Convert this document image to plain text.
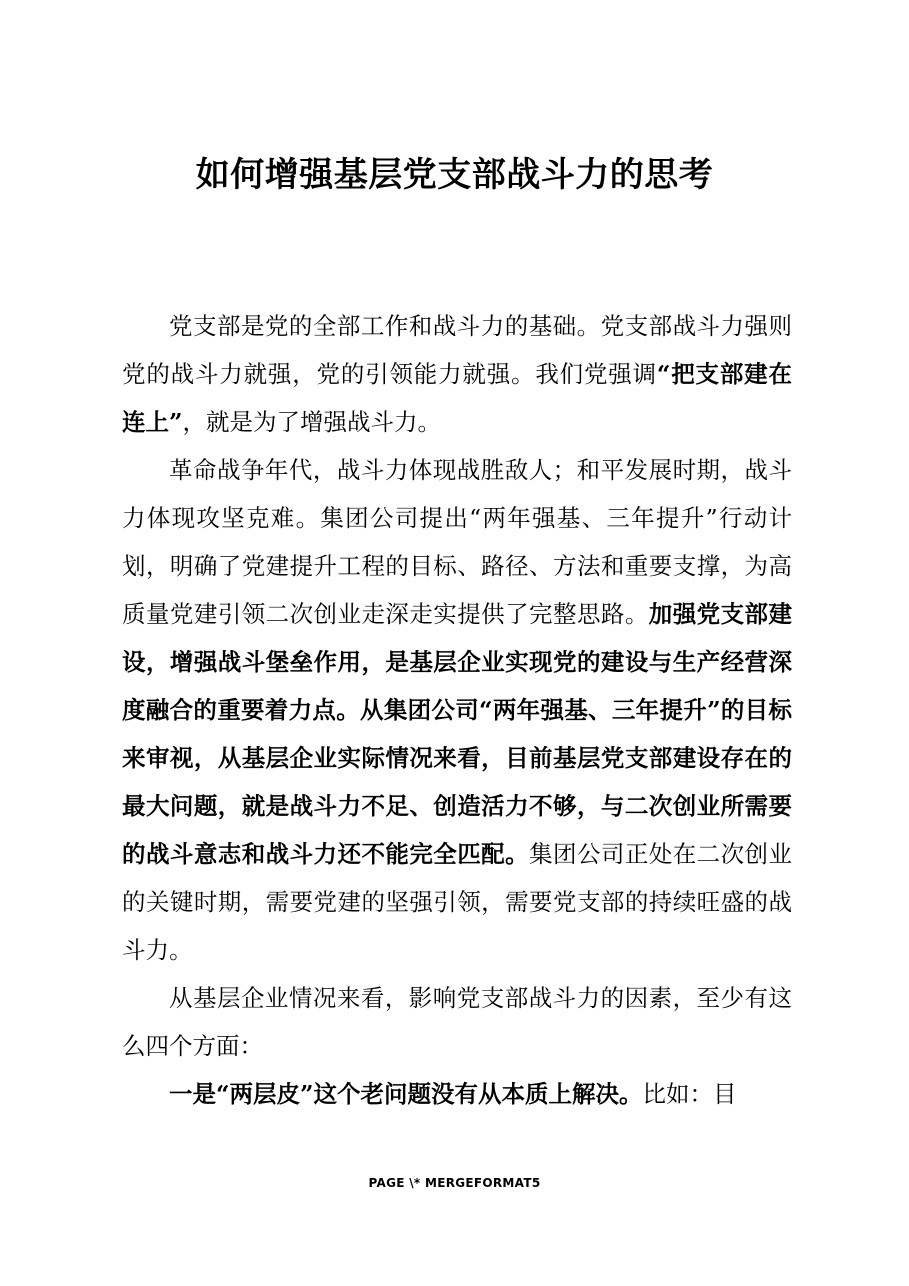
如何增强基层党支部战斗力的思考

党支部是党的全部工作和战斗力的基础。党支部战斗力强则党的战斗力就强，党的引领能力就强。我们党强调“把支部建在连上”，就是为了增强战斗力。

革命战争年代，战斗力体现战胜敌人；和平发展时期，战斗力体现攻坚克难。集团公司提出“两年强基、三年提升”行动计划，明确了党建提升工程的目标、路径、方法和重要支撑，为高质量党建引领二次创业走深走实提供了完整思路。加强党支部建设，增强战斗堡垒作用，是基层企业实现党的建设与生产经营深度融合的重要着力点。从集团公司“两年强基、三年提升”的目标来审视，从基层企业实际情况来看，目前基层党支部建设存在的最大问题，就是战斗力不足、创造活力不够，与二次创业所需要的战斗意志和战斗力还不能完全匹配。集团公司正处在二次创业的关键时期，需要党建的坚强引领，需要党支部的持续旺盛的战斗力。

从基层企业情况来看，影响党支部战斗力的因素，至少有这么四个方面：

一是“两层皮”这个老问题没有从本质上解决。比如：目

PAGE \* MERGEFORMAT5
